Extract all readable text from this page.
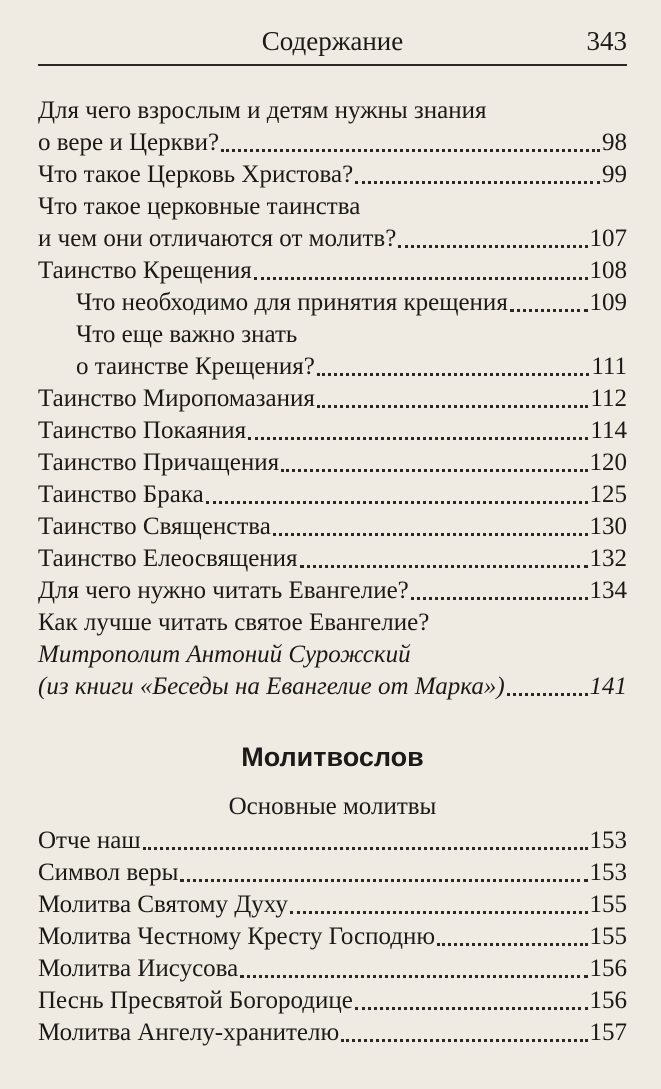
Содержание	343
Для чего взрослым и детям нужны знания
о вере и Церкви?	98
Что такое Церковь Христова?	99
Что такое церковные таинства
и чем они отличаются от молитв?	107
Таинство Крещения	108
Что необходимо для принятия крещения	109
Что еще важно знать
о таинстве Крещения?	111
Таинство Миропомазания	112
Таинство Покаяния	114
Таинство Причащения	120
Таинство Брака	125
Таинство Священства	130
Таинство Елеосвящения	132
Для чего нужно читать Евангелие?	134
Как лучше читать святое Евангелие?
Митрополит Антоний Сурожский
(из книги «Беседы на Евангелие от Марка»)	141
Молитвослов
Основные молитвы
Отче наш	153
Символ веры	153
Молитва Святому Духу	155
Молитва Честному Кресту Господню	155
Молитва Иисусова	156
Песнь Пресвятой Богородице	156
Молитва Ангелу-хранителю	157
